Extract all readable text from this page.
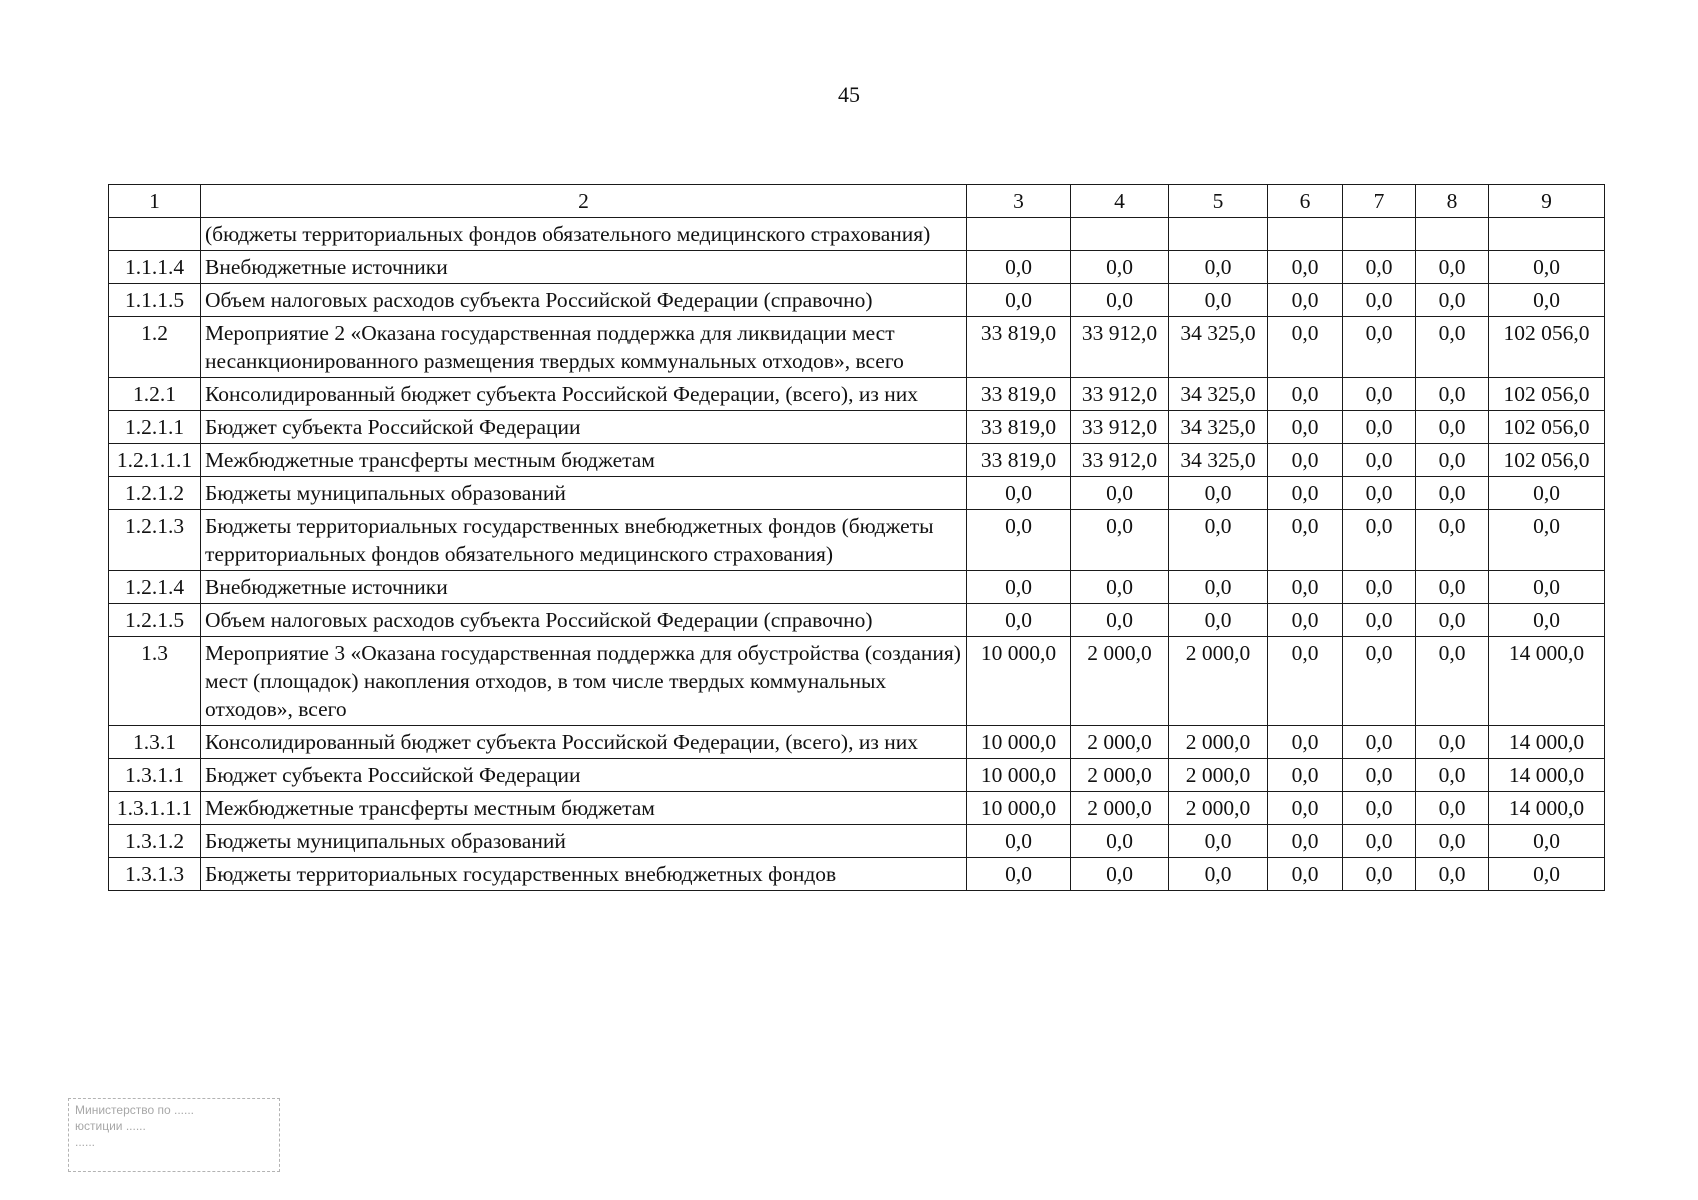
45
1	2	3	4	5	6	7	8	9
	(бюджеты территориальных фондов обязательного медицинского страхования)							
1.1.1.4	Внебюджетные источники	0,0	0,0	0,0	0,0	0,0	0,0	0,0
1.1.1.5	Объем налоговых расходов субъекта Российской Федерации (справочно)	0,0	0,0	0,0	0,0	0,0	0,0	0,0
1.2	Мероприятие 2 «Оказана государственная поддержка для ликвидации мест несанкционированного размещения твердых коммунальных отходов», всего	33 819,0	33 912,0	34 325,0	0,0	0,0	0,0	102 056,0
1.2.1	Консолидированный бюджет субъекта Российской Федерации, (всего), из них	33 819,0	33 912,0	34 325,0	0,0	0,0	0,0	102 056,0
1.2.1.1	Бюджет субъекта Российской Федерации	33 819,0	33 912,0	34 325,0	0,0	0,0	0,0	102 056,0
1.2.1.1.1	Межбюджетные трансферты местным бюджетам	33 819,0	33 912,0	34 325,0	0,0	0,0	0,0	102 056,0
1.2.1.2	Бюджеты муниципальных образований	0,0	0,0	0,0	0,0	0,0	0,0	0,0
1.2.1.3	Бюджеты территориальных государственных внебюджетных фондов (бюджеты территориальных фондов обязательного медицинского страхования)	0,0	0,0	0,0	0,0	0,0	0,0	0,0
1.2.1.4	Внебюджетные источники	0,0	0,0	0,0	0,0	0,0	0,0	0,0
1.2.1.5	Объем налоговых расходов субъекта Российской Федерации (справочно)	0,0	0,0	0,0	0,0	0,0	0,0	0,0
1.3	Мероприятие 3 «Оказана государственная поддержка для обустройства (создания) мест (площадок) накопления отходов, в том числе твердых коммунальных отходов», всего	10 000,0	2 000,0	2 000,0	0,0	0,0	0,0	14 000,0
1.3.1	Консолидированный бюджет субъекта Российской Федерации, (всего), из них	10 000,0	2 000,0	2 000,0	0,0	0,0	0,0	14 000,0
1.3.1.1	Бюджет субъекта Российской Федерации	10 000,0	2 000,0	2 000,0	0,0	0,0	0,0	14 000,0
1.3.1.1.1	Межбюджетные трансферты местным бюджетам	10 000,0	2 000,0	2 000,0	0,0	0,0	0,0	14 000,0
1.3.1.2	Бюджеты муниципальных образований	0,0	0,0	0,0	0,0	0,0	0,0	0,0
1.3.1.3	Бюджеты территориальных государственных внебюджетных фондов	0,0	0,0	0,0	0,0	0,0	0,0	0,0
Министерство по ......
юстиции ......
......
